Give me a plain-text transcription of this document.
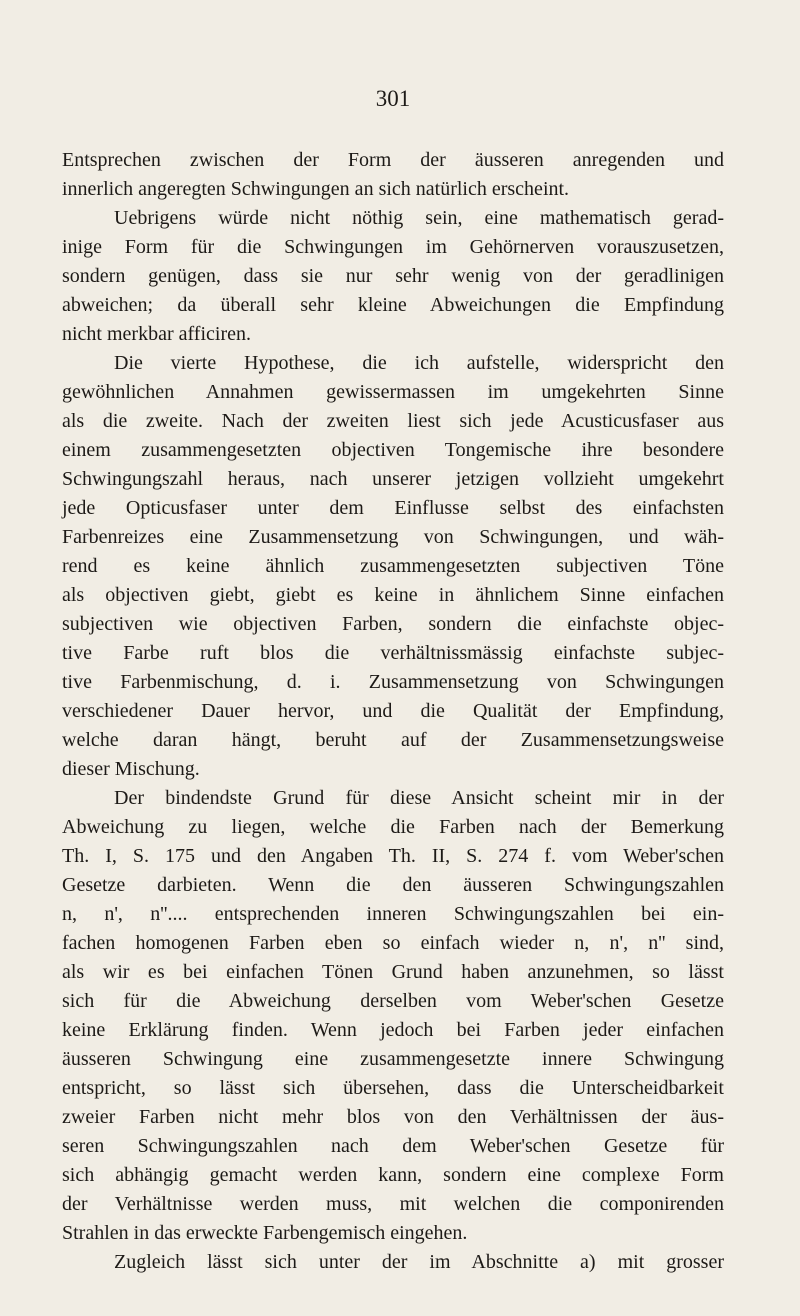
301
Entsprechen zwischen der Form der äusseren anregenden und
innerlich angeregten Schwingungen an sich natürlich erscheint.
Uebrigens würde nicht nöthig sein, eine mathematisch gerad-
inige Form für die Schwingungen im Gehörnerven vorauszusetzen,
sondern genügen, dass sie nur sehr wenig von der geradlinigen
abweichen; da überall sehr kleine Abweichungen die Empfindung
nicht merkbar afficiren.
Die vierte Hypothese, die ich aufstelle, widerspricht den
gewöhnlichen Annahmen gewissermassen im umgekehrten Sinne
als die zweite. Nach der zweiten liest sich jede Acusticusfaser aus
einem zusammengesetzten objectiven Tongemische ihre besondere
Schwingungszahl heraus, nach unserer jetzigen vollzieht umgekehrt
jede Opticusfaser unter dem Einflusse selbst des einfachsten
Farbenreizes eine Zusammensetzung von Schwingungen, und wäh-
rend es keine ähnlich zusammengesetzten subjectiven Töne
als objectiven giebt, giebt es keine in ähnlichem Sinne einfachen
subjectiven wie objectiven Farben, sondern die einfachste objec-
tive Farbe ruft blos die verhältnissmässig einfachste subjec-
tive Farbenmischung, d. i. Zusammensetzung von Schwingungen
verschiedener Dauer hervor, und die Qualität der Empfindung,
welche daran hängt, beruht auf der Zusammensetzungsweise
dieser Mischung.
Der bindendste Grund für diese Ansicht scheint mir in der
Abweichung zu liegen, welche die Farben nach der Bemerkung
Th. I, S. 175 und den Angaben Th. II, S. 274 f. vom Weber'schen
Gesetze darbieten. Wenn die den äusseren Schwingungszahlen
n, n', n''.... entsprechenden inneren Schwingungszahlen bei ein-
fachen homogenen Farben eben so einfach wieder n, n', n'' sind,
als wir es bei einfachen Tönen Grund haben anzunehmen, so lässt
sich für die Abweichung derselben vom Weber'schen Gesetze
keine Erklärung finden. Wenn jedoch bei Farben jeder einfachen
äusseren Schwingung eine zusammengesetzte innere Schwingung
entspricht, so lässt sich übersehen, dass die Unterscheidbarkeit
zweier Farben nicht mehr blos von den Verhältnissen der äus-
seren Schwingungszahlen nach dem Weber'schen Gesetze für
sich abhängig gemacht werden kann, sondern eine complexe Form
der Verhältnisse werden muss, mit welchen die componirenden
Strahlen in das erweckte Farbengemisch eingehen.
Zugleich lässt sich unter der im Abschnitte a) mit grosser
